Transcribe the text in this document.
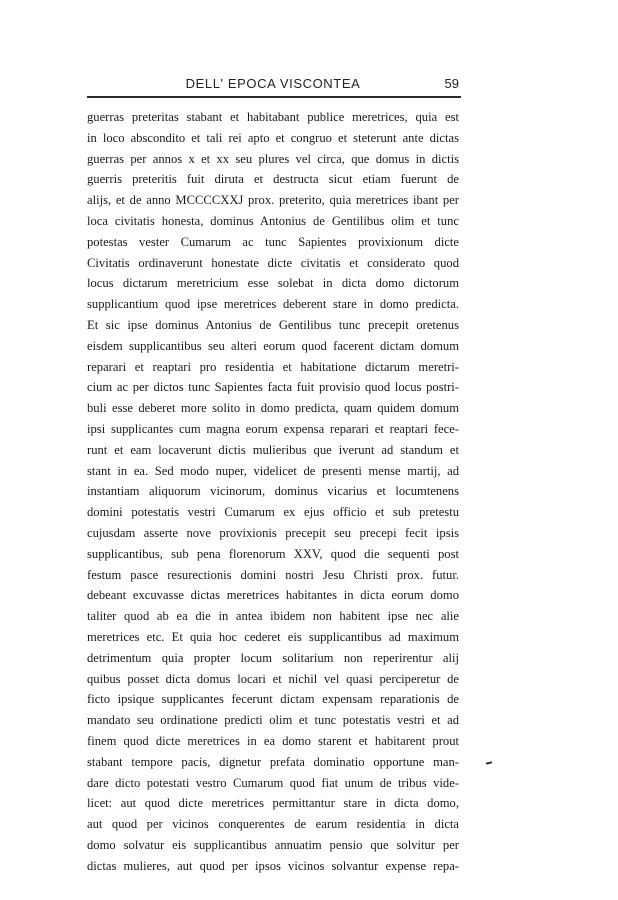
DELL' EPOCA VISCONTEA	59
guerras preteritas stabant et habitabant publice meretrices, quia est
in loco abscondito et tali rei apto et congruo et steterunt ante dictas
guerras per annos x et xx seu plures vel circa, que domus in dictis
guerris preteritis fuit diruta et destructa sicut etiam fuerunt de
alijs, et de anno MCCCCXXJ prox. preterito, quia meretrices ibant per
loca civitatis honesta, dominus Antonius de Gentilibus olim et tunc
potestas vester Cumarum ac tunc Sapientes provixionum dicte
Civitatis ordinaverunt honestate dicte civitatis et considerato quod
locus dictarum meretricium esse solebat in dicta domo dictorum
supplicantium quod ipse meretrices deberent stare in domo predicta.
Et sic ipse dominus Antonius de Gentilibus tunc precepit oretenus
eisdem supplicantibus seu alteri eorum quod facerent dictam domum
reparari et reaptari pro residentia et habitatione dictarum meretri-
cium ac per dictos tunc Sapientes facta fuit provisio quod locus postri-
buli esse deberet more solito in domo predicta, quam quidem domum
ipsi supplicantes cum magna eorum expensa reparari et reaptari fece-
runt et eam locaverunt dictis mulieribus que iverunt ad standum et
stant in ea. Sed modo nuper, videlicet de presenti mense martij, ad
instantiam aliquorum vicinorum, dominus vicarius et locumtenens
domini potestatis vestri Cumarum ex ejus officio et sub pretestu
cujusdam asserte nove provixionis precepit seu precepi fecit ipsis
supplicantibus, sub pena florenorum XXV, quod die sequenti post
festum pasce resurectionis domini nostri Jesu Christi prox. futur.
debeant excuvasse dictas meretrices habitantes in dicta eorum domo
taliter quod ab ea die in antea ibidem non habitent ipse nec alie
meretrices etc. Et quia hoc cederet eis supplicantibus ad maximum
detrimentum quia propter locum solitarium non reperirentur alij
quibus posset dicta domus locari et nichil vel quasi perciperetur de
ficto ipsique supplicantes fecerunt dictam expensam reparationis de
mandato seu ordinatione predicti olim et tunc potestatis vestri et ad
finem quod dicte meretrices in ea domo starent et habitarent prout
stabant tempore pacis, dignetur prefata dominatio opportune man-
dare dicto potestati vestro Cumarum quod fiat unum de tribus vide-
licet: aut quod dicte meretrices permittantur stare in dicta domo,
aut quod per vicinos conquerentes de earum residentia in dicta
domo solvatur eis supplicantibus annuatim pensio que solvitur per
dictas mulieres, aut quod per ipsos vicinos solvantur expense repa-
